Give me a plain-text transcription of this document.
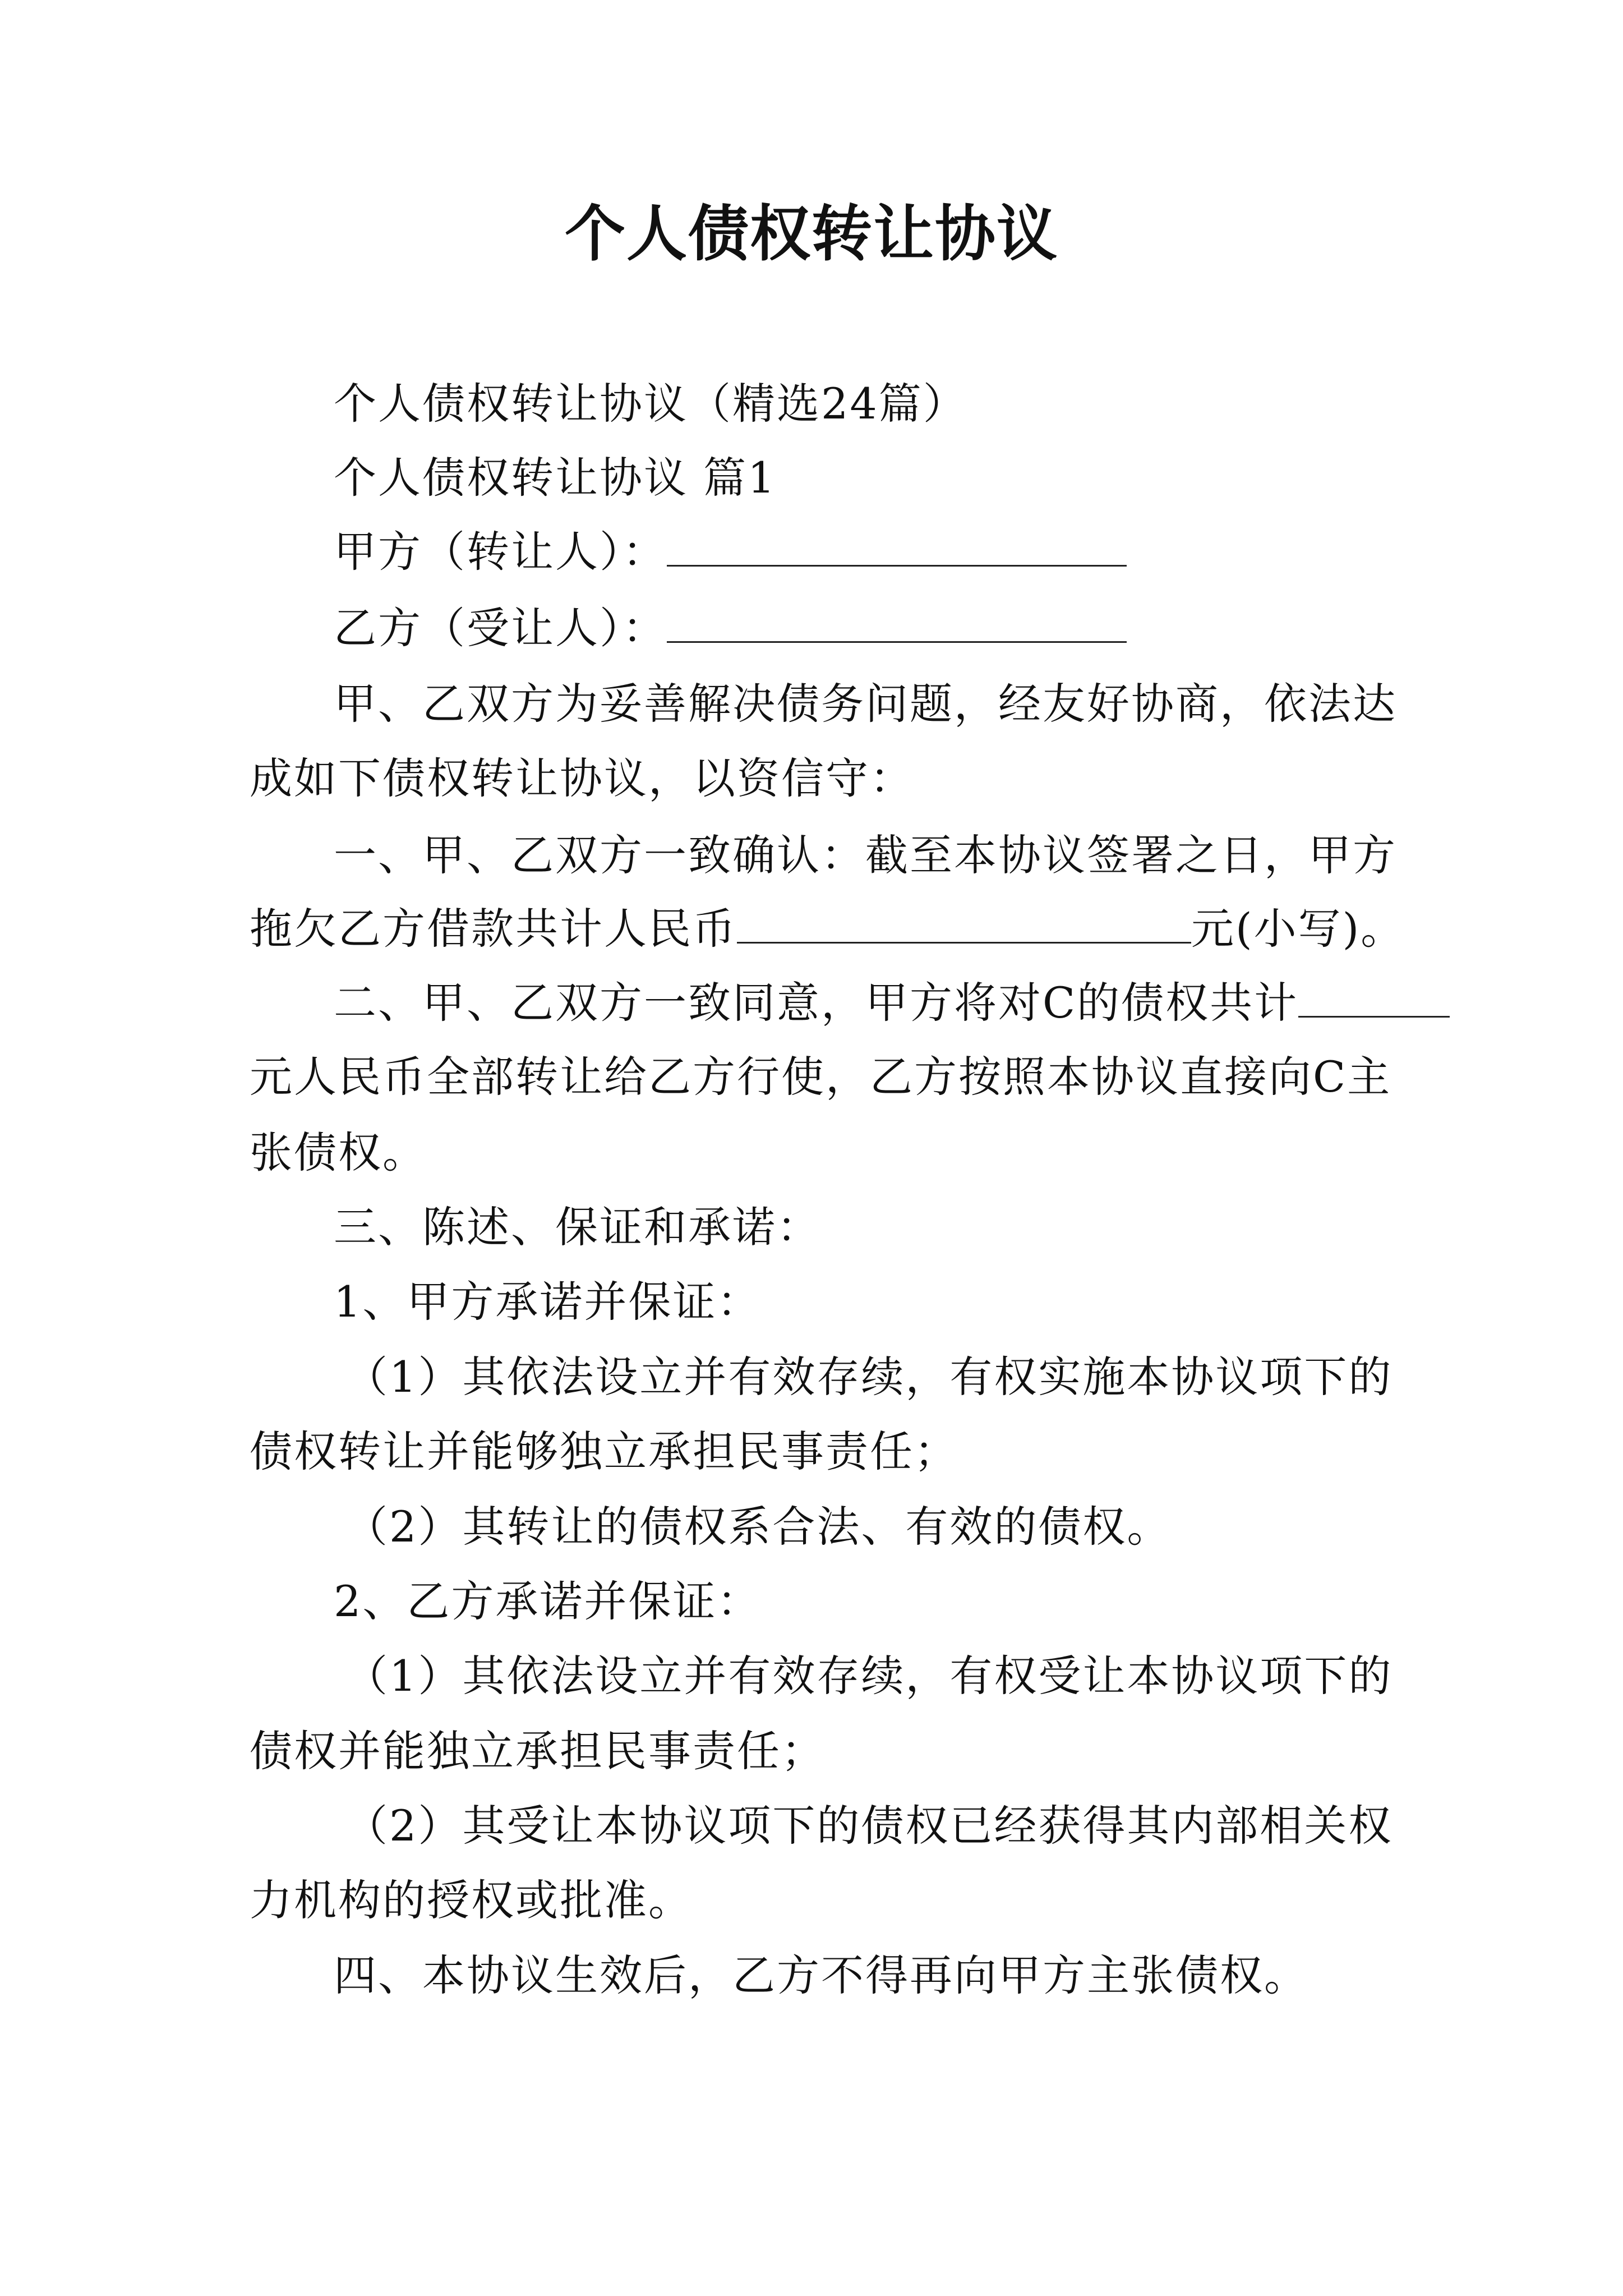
个人债权转让协议
个人债权转让协议（精选24篇）
个人债权转让协议 篇1
甲方（转让人）：
乙方（受让人）：
甲、乙双方为妥善解决债务问题，经友好协商，依法达
成如下债权转让协议，以资信守：
一、甲、乙双方一致确认：截至本协议签署之日，甲方
拖欠乙方借款共计人民币	元(小写)。
二、甲、乙双方一致同意，甲方将对C的债权共计
元人民币全部转让给乙方行使，乙方按照本协议直接向C主
张债权。
三、陈述、保证和承诺：
1、甲方承诺并保证：
（1）其依法设立并有效存续，有权实施本协议项下的
债权转让并能够独立承担民事责任；
（2）其转让的债权系合法、有效的债权。
2、乙方承诺并保证：
（1）其依法设立并有效存续，有权受让本协议项下的
债权并能独立承担民事责任；
（2）其受让本协议项下的债权已经获得其内部相关权
力机构的授权或批准。
四、本协议生效后，乙方不得再向甲方主张债权。
